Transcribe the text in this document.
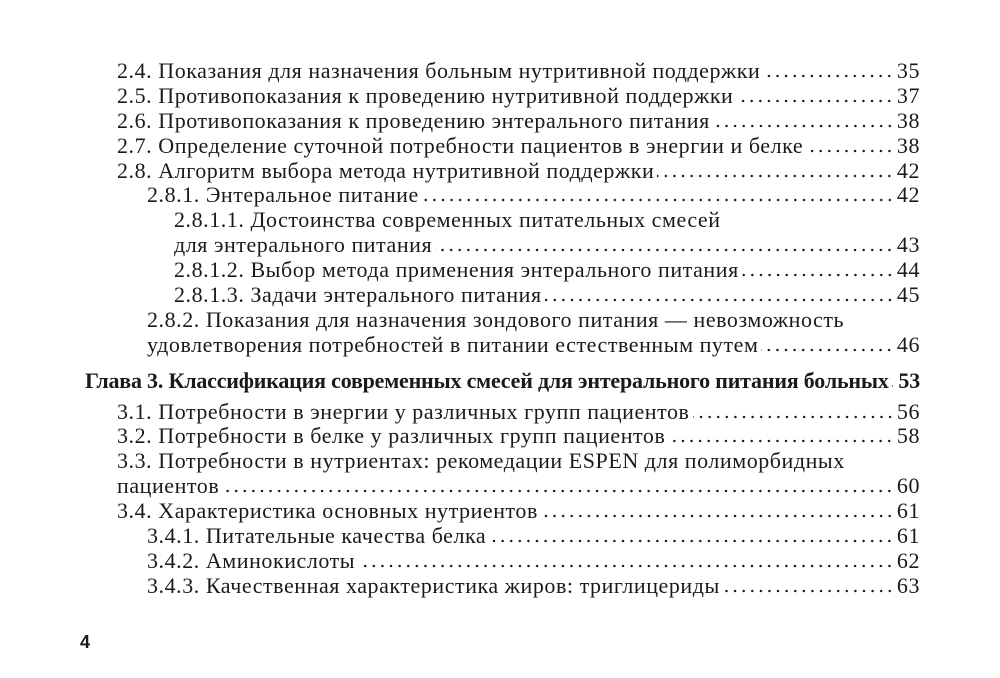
2.4. Показания для назначения больным нутритивной поддержки	35
2.5. Противопоказания к проведению нутритивной поддержки	37
2.6. Противопоказания к проведению энтерального питания	38
2.7. Определение суточной потребности пациентов в энергии и белке	38
2.8. Алгоритм выбора метода нутритивной поддержки	42
2.8.1. Энтеральное питание	42
2.8.1.1. Достоинства современных питательных смесей
для энтерального питания	43
2.8.1.2. Выбор метода применения энтерального питания	44
2.8.1.3. Задачи энтерального питания	45
2.8.2. Показания для назначения зондового питания — невозможность
удовлетворения потребностей в питании естественным путем	46
Глава 3. Классификация современных смесей для энтерального питания больных 53
3.1. Потребности в энергии у различных групп пациентов	56
3.2. Потребности в белке у различных групп пациентов	58
3.3. Потребности в нутриентах: рекомедации ESPEN для полиморбидных
пациентов	60
3.4. Характеристика основных нутриентов	61
3.4.1. Питательные качества белка	61
3.4.2. Аминокислоты	62
3.4.3. Качественная характеристика жиров: триглицериды	63
4
